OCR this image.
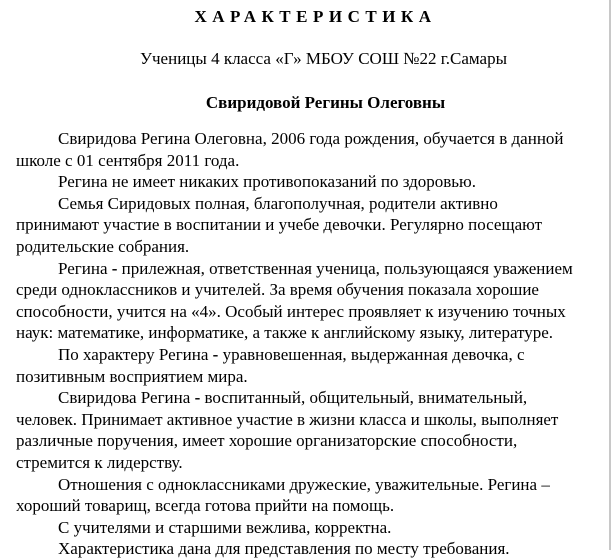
ХАРАКТЕРИСТИКА
Ученицы 4 класса «Г» МБОУ СОШ №22 г.Самары
Свиридовой Регины Олеговны
Свиридова Регина Олеговна, 2006 года рождения, обучается в данной
школе с 01 сентября 2011 года.
Регина не имеет никаких противопоказаний по здоровью.
Семья Сиридовых полная, благополучная, родители активно
принимают участие в воспитании и учебе девочки. Регулярно посещают
родительские собрания.
Регина - прилежная, ответственная ученица, пользующаяся уважением
среди одноклассников и учителей. За время обучения показала хорошие
способности, учится на «4». Особый интерес проявляет к изучению точных
наук: математике, информатике, а также к английскому языку, литературе.
По характеру Регина - уравновешенная, выдержанная девочка, с
позитивным восприятием мира.
Свиридова Регина - воспитанный, общительный, внимательный,
человек. Принимает активное участие в жизни класса и школы, выполняет
различные поручения, имеет хорошие организаторские способности,
стремится к лидерству.
Отношения с одноклассниками дружеские, уважительные. Регина –
хороший товарищ, всегда готова прийти на помощь.
С учителями и старшими вежлива, корректна.
Характеристика дана для представления по месту требования.
